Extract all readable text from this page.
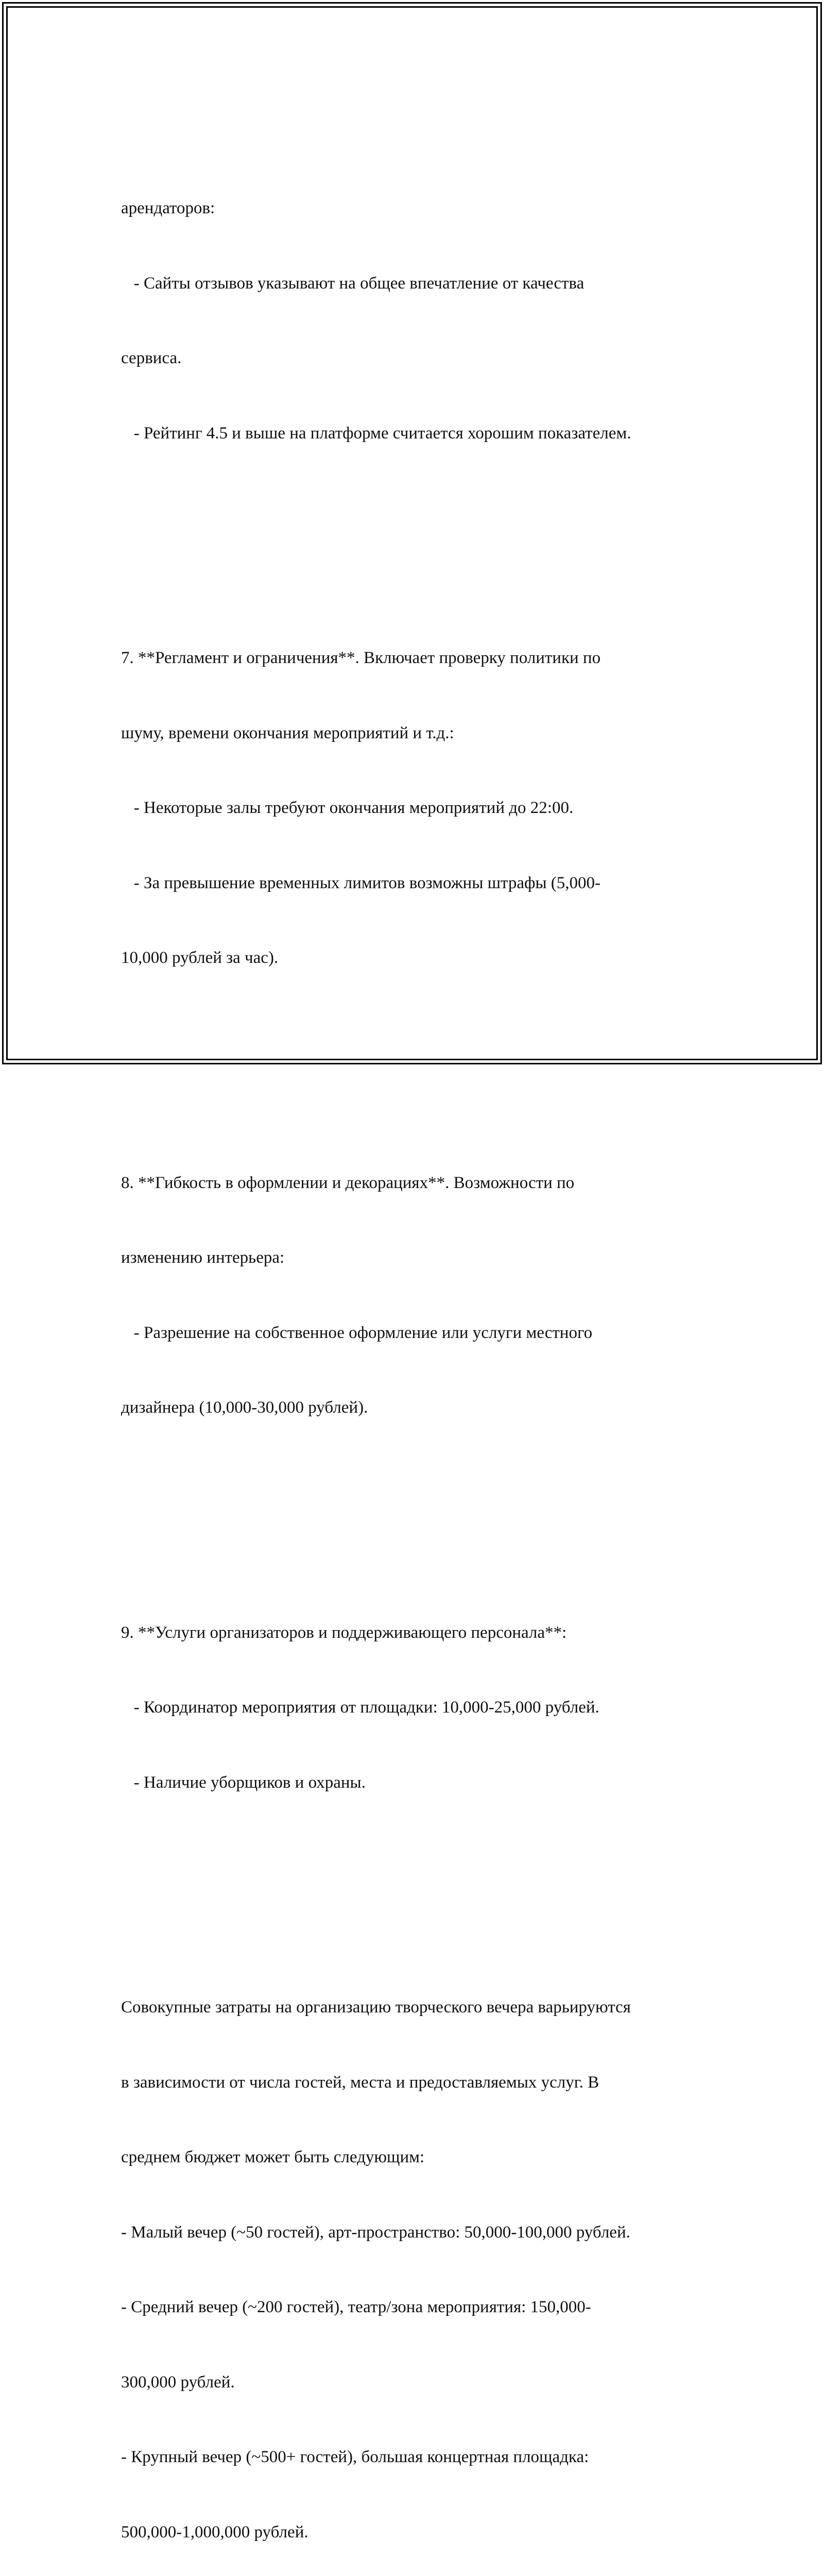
арендаторов:

- Сайты отзывов указывают на общее впечатление от качества

сервиса.

- Рейтинг 4.5 и выше на платформе считается хорошим показателем.

7. **Регламент и ограничения**. Включает проверку политики по

шуму, времени окончания мероприятий и т.д.:

- Некоторые залы требуют окончания мероприятий до 22:00.

- За превышение временных лимитов возможны штрафы (5,000-

10,000 рублей за час).

8. **Гибкость в оформлении и декорациях**. Возможности по

изменению интерьера:

- Разрешение на собственное оформление или услуги местного

дизайнера (10,000-30,000 рублей).

9. **Услуги организаторов и поддерживающего персонала**:

- Координатор мероприятия от площадки: 10,000-25,000 рублей.

- Наличие уборщиков и охраны.

Совокупные затраты на организацию творческого вечера варьируются

в зависимости от числа гостей, места и предоставляемых услуг. В

среднем бюджет может быть следующим:

- Малый вечер (~50 гостей), арт-пространство: 50,000-100,000 рублей.

- Средний вечер (~200 гостей), театр/зона мероприятия: 150,000-

300,000 рублей.

- Крупный вечер (~500+ гостей), большая концертная площадка:

500,000-1,000,000 рублей.
